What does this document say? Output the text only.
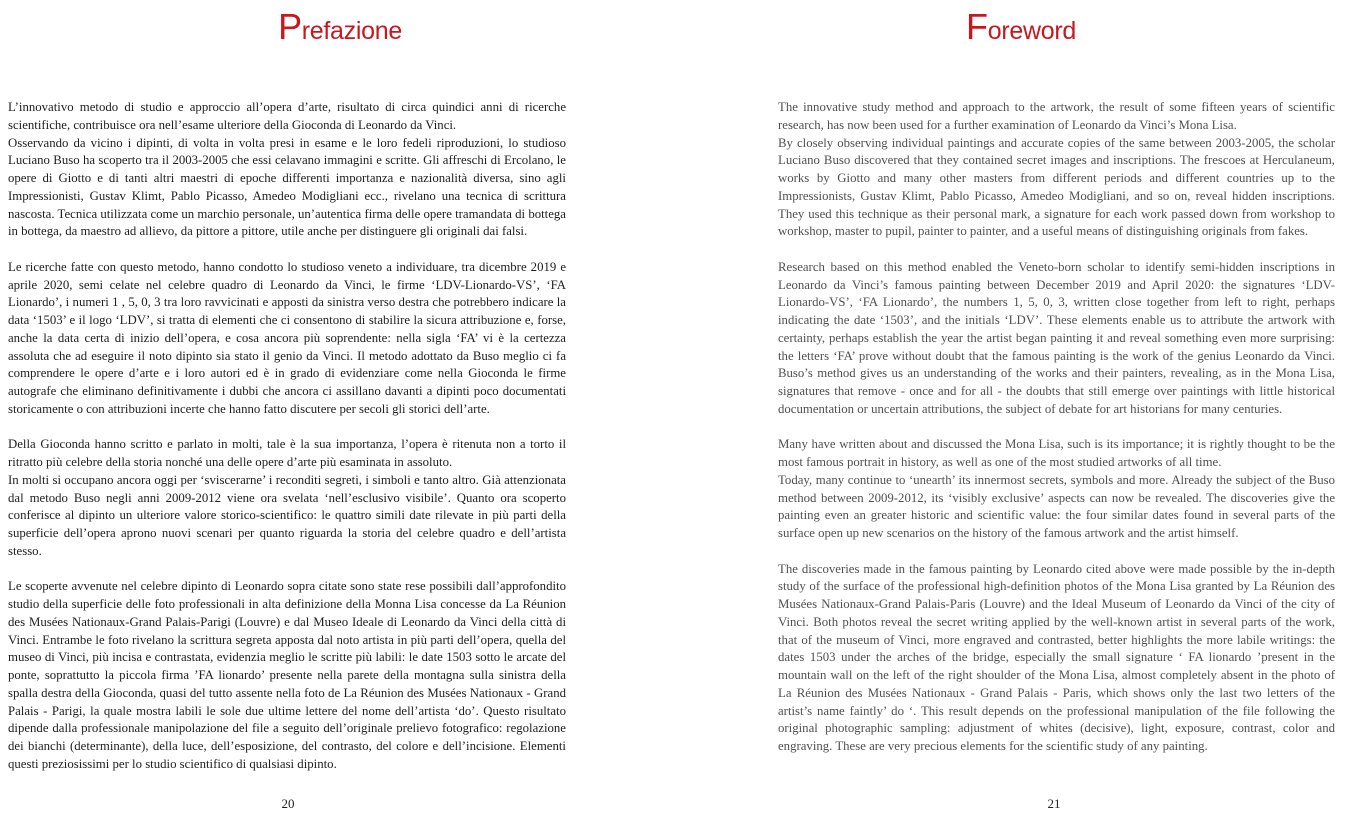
Prefazione

L’innovativo metodo di studio e approccio all’opera d’arte, risultato di circa quindici anni di ricerche scientifiche, contribuisce ora nell’esame ulteriore della Gioconda di Leonardo da Vinci.

Osservando da vicino i dipinti, di volta in volta presi in esame e le loro fedeli riproduzioni, lo studioso Luciano Buso ha scoperto tra il 2003-2005 che essi celavano immagini e scritte. Gli affreschi di Ercolano, le opere di Giotto e di tanti altri maestri di epoche differenti importanza e nazionalità diversa, sino agli Impressionisti, Gustav Klimt, Pablo Picasso, Amedeo Modigliani ecc., rivelano una tecnica di scrittura nascosta. Tecnica utilizzata come un marchio personale, un’autentica firma delle opere tramandata di bottega in bottega, da maestro ad allievo, da pittore a pittore, utile anche per distinguere gli originali dai falsi.

Le ricerche fatte con questo metodo, hanno condotto lo studioso veneto a individuare, tra dicembre 2019 e aprile 2020, semi celate nel celebre quadro di Leonardo da Vinci, le firme ‘LDV-Lionardo-VS’, ‘FA Lionardo’, i numeri 1 , 5, 0, 3 tra loro ravvicinati e apposti da sinistra verso destra che potrebbero indicare la data ‘1503’ e il logo ‘LDV’, si tratta di elementi che ci consentono di stabilire la sicura attribuzione e, forse, anche la data certa di inizio dell’opera, e cosa ancora più soprendente: nella sigla ‘FA’ vi è la certezza assoluta che ad eseguire il noto dipinto sia stato il genio da Vinci. Il metodo adottato da Buso meglio ci fa comprendere le opere d’arte e i loro autori ed è in grado di evidenziare come nella Gioconda le firme autografe che eliminano definitivamente i dubbi che ancora ci assillano davanti a dipinti poco documentati storicamente o con attribuzioni incerte che hanno fatto discutere per secoli gli storici dell’arte.

Della Gioconda hanno scritto e parlato in molti, tale è la sua importanza, l’opera è ritenuta non a torto il ritratto più celebre della storia nonché una delle opere d’arte più esaminata in assoluto.

In molti si occupano ancora oggi per ‘sviscerarne’ i reconditi segreti, i simboli e tanto altro. Già attenzionata dal metodo Buso negli anni 2009-2012 viene ora svelata ‘nell’esclusivo visibile’. Quanto ora scoperto conferisce al dipinto un ulteriore valore storico-scientifico: le quattro simili date rilevate in più parti della superficie dell’opera aprono nuovi scenari per quanto riguarda la storia del celebre quadro e dell’artista stesso.

Le scoperte avvenute nel celebre dipinto di Leonardo sopra citate sono state rese possibili dall’approfondito studio della superficie delle foto professionali in alta definizione della Monna Lisa concesse da La Réunion des Musées Nationaux-Grand Palais-Parigi (Louvre) e dal Museo Ideale di Leonardo da Vinci della città di Vinci. Entrambe le foto rivelano la scrittura segreta apposta dal noto artista in più parti dell’opera, quella del museo di Vinci, più incisa e contrastata, evidenzia meglio le scritte più labili: le date 1503 sotto le arcate del ponte, soprattutto la piccola firma ’FA lionardo’ presente nella parete della montagna sulla sinistra della spalla destra della Gioconda, quasi del tutto assente nella foto de La Réunion des Musées Nationaux - Grand Palais - Parigi, la quale mostra labili le sole due ultime lettere del nome dell’artista ‘do’. Questo risultato dipende dalla professionale manipolazione del file a seguito dell’originale prelievo fotografico: regolazione dei bianchi (determinante), della luce, dell’esposizione, del contrasto, del colore e dell’incisione. Elementi questi preziosissimi per lo studio scientifico di qualsiasi dipinto.

20
Foreword

The innovative study method and approach to the artwork, the result of some fifteen years of scientific research, has now been used for a further examination of Leonardo da Vinci’s Mona Lisa.

By closely observing individual paintings and accurate copies of the same between 2003-2005, the scholar Luciano Buso discovered that they contained secret images and inscriptions. The frescoes at Herculaneum, works by Giotto and many other masters from different periods and different countries up to the Impressionists, Gustav Klimt, Pablo Picasso, Amedeo Modigliani, and so on, reveal hidden inscriptions. They used this technique as their personal mark, a signature for each work passed down from workshop to workshop, master to pupil, painter to painter, and a useful means of distinguishing originals from fakes.

Research based on this method enabled the Veneto-born scholar to identify semi-hidden inscriptions in Leonardo da Vinci’s famous painting between December 2019 and April 2020: the signatures ‘LDV-Lionardo-VS’, ‘FA Lionardo’, the numbers 1, 5, 0, 3, written close together from left to right, perhaps indicating the date ‘1503’, and the initials ‘LDV’. These elements enable us to attribute the artwork with certainty, perhaps establish the year the artist began painting it and reveal something even more surprising: the letters ‘FA’ prove without doubt that the famous painting is the work of the genius Leonardo da Vinci. Buso’s method gives us an understanding of the works and their painters, revealing, as in the Mona Lisa, signatures that remove - once and for all - the doubts that still emerge over paintings with little historical documentation or uncertain attributions, the subject of debate for art historians for many centuries.

Many have written about and discussed the Mona Lisa, such is its importance; it is rightly thought to be the most famous portrait in history, as well as one of the most studied artworks of all time.

Today, many continue to ‘unearth’ its innermost secrets, symbols and more. Already the subject of the Buso method between 2009-2012, its ‘visibly exclusive’ aspects can now be revealed. The discoveries give the painting even an greater historic and scientific value: the four similar dates found in several parts of the surface open up new scenarios on the history of the famous artwork and the artist himself.

The discoveries made in the famous painting by Leonardo cited above were made possible by the in-depth study of the surface of the professional high-definition photos of the Mona Lisa granted by La Réunion des Musées Nationaux-Grand Palais-Paris (Louvre) and the Ideal Museum of Leonardo da Vinci of the city of Vinci. Both photos reveal the secret writing applied by the well-known artist in several parts of the work, that of the museum of Vinci, more engraved and contrasted, better highlights the more labile writings: the dates 1503 under the arches of the bridge, especially the small signature ‘ FA lionardo ’present in the mountain wall on the left of the right shoulder of the Mona Lisa, almost completely absent in the photo of La Réunion des Musées Nationaux - Grand Palais - Paris, which shows only the last two letters of the artist’s name faintly’ do ‘. This result depends on the professional manipulation of the file following the original photographic sampling: adjustment of whites (decisive), light, exposure, contrast, color and engraving. These are very precious elements for the scientific study of any painting.

21
